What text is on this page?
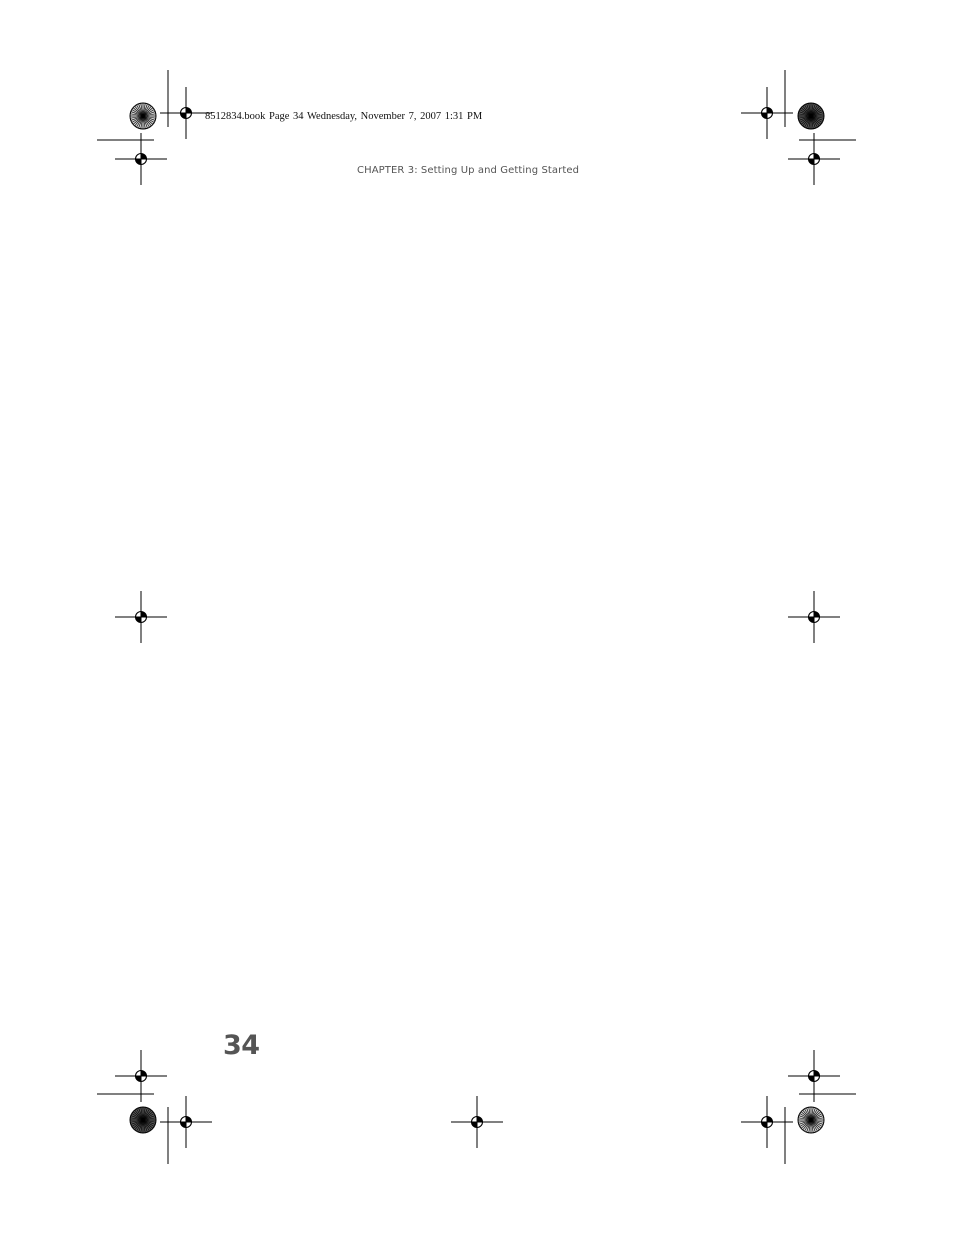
8512834.book Page 34 Wednesday, November 7, 2007 1:31 PM
CHAPTER 3: Setting Up and Getting Started
34
